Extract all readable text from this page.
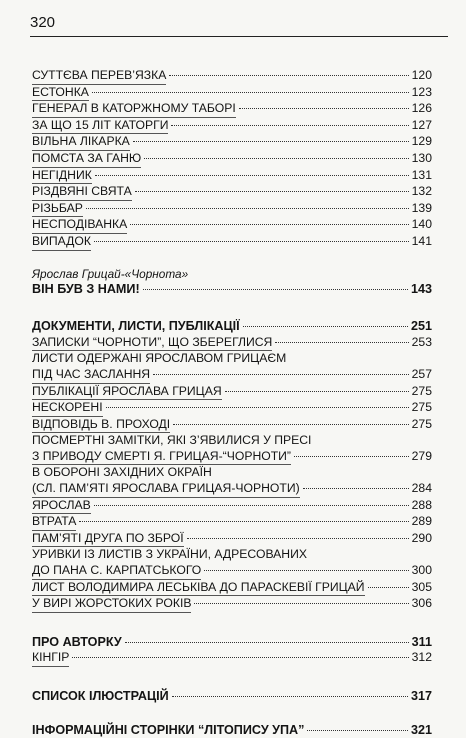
320
СУТТЄВА ПЕРЕВ’ЯЗКА	120
ЕСТОНКА	123
ГЕНЕРАЛ В КАТОРЖНОМУ ТАБОРІ	126
ЗА ЩО 15 ЛІТ КАТОРГИ	127
ВІЛЬНА ЛІКАРКА	129
ПОМСТА ЗА ГАНЮ	130
НЕГІДНИК	131
РІЗДВЯНІ СВЯТА	132
РІЗЬБАР	139
НЕСПОДІВАНКА	140
ВИПАДОК	141
Ярослав Грицай-«Чорнота»
ВІН БУВ З НАМИ!	143
ДОКУМЕНТИ, ЛИСТИ, ПУБЛІКАЦІЇ	251
ЗАПИСКИ “ЧОРНОТИ”, ЩО ЗБЕРЕГЛИСЯ	253
ЛИСТИ ОДЕРЖАНІ ЯРОСЛАВОМ ГРИЦАЄМ
ПІД ЧАС ЗАСЛАННЯ	257
ПУБЛІКАЦІЇ ЯРОСЛАВА ГРИЦАЯ	275
НЕСКОРЕНІ	275
ВІДПОВІДЬ В. ПРОХОДІ	275
ПОСМЕРТНІ ЗАМІТКИ, ЯКІ З’ЯВИЛИСЯ У ПРЕСІ
З ПРИВОДУ СМЕРТІ Я. ГРИЦАЯ-“ЧОРНОТИ”	279
В ОБОРОНІ ЗАХІДНИХ ОКРАЇН
(СЛ. ПАМ’ЯТІ ЯРОСЛАВА ГРИЦАЯ-ЧОРНОТИ)	284
ЯРОСЛАВ	288
ВТРАТА	289
ПАМ’ЯТІ ДРУГА ПО ЗБРОЇ	290
УРИВКИ ІЗ ЛИСТІВ З УКРАЇНИ, АДРЕСОВАНИХ
ДО ПАНА С. КАРПАТСЬКОГО	300
ЛИСТ ВОЛОДИМИРА ЛЕСЬКІВА ДО ПАРАСКЕВІЇ ГРИЦАЙ	305
У ВИРІ ЖОРСТОКИХ РОКІВ	306
ПРО АВТОРКУ	311
КІНГІР	312
СПИСОК ІЛЮСТРАЦІЙ	317
ІНФОРМАЦІЙНІ СТОРІНКИ “ЛІТОПИСУ УПА”	321
